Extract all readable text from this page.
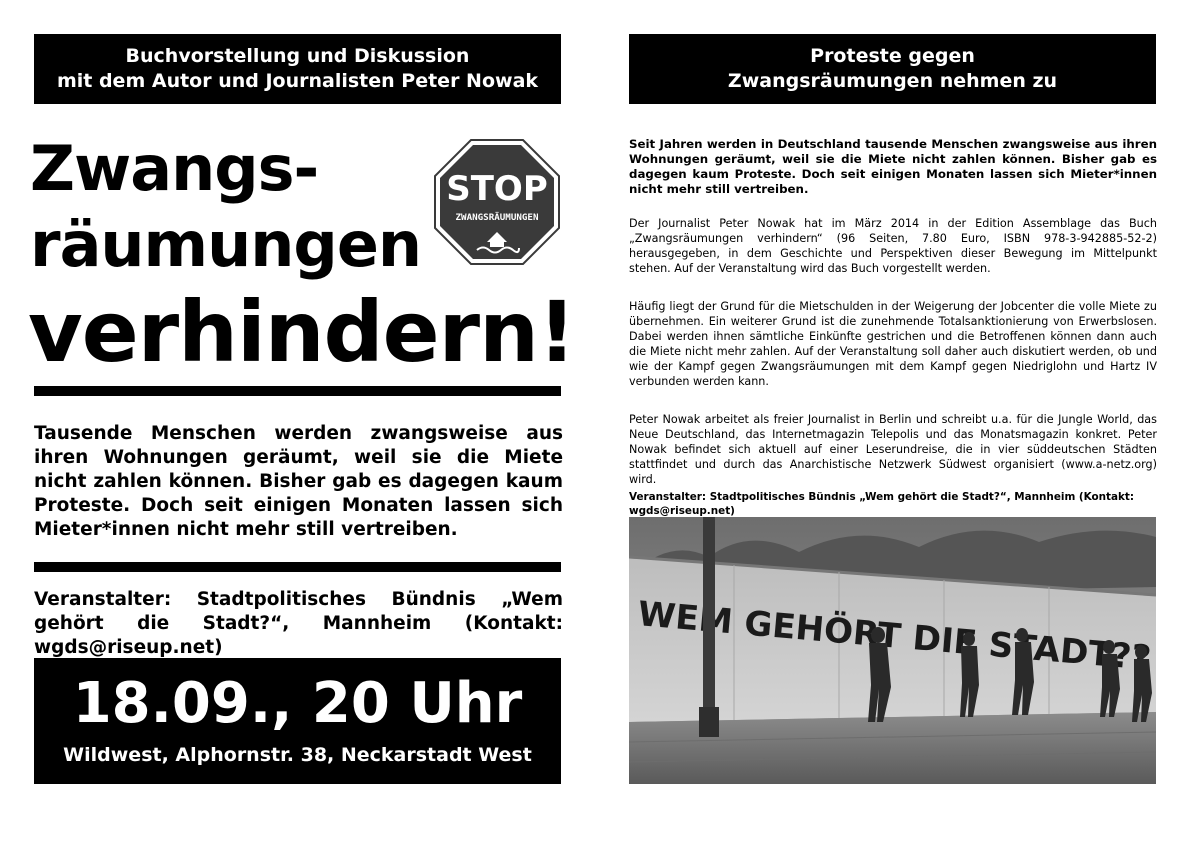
Buchvorstellung und Diskussion
mit dem Autor und Journalisten Peter Nowak
Zwangs-
räumungen
verhindern!
STOP
ZWANGSRÄUMUNGEN
Tausende Menschen werden zwangsweise aus ihren Wohnungen geräumt, weil sie die Miete nicht zahlen können. Bisher gab es dagegen kaum Proteste. Doch seit einigen Monaten lassen sich Mieter*innen nicht mehr still vertreiben.
Veranstalter: Stadtpolitisches Bündnis „Wem gehört die Stadt?“, Mannheim (Kontakt: wgds@riseup.net)
18.09., 20 Uhr
Wildwest, Alphornstr. 38, Neckarstadt West
Proteste gegen
Zwangsräumungen nehmen zu
Seit Jahren werden in Deutschland tausende Menschen zwangsweise aus ihren Wohnungen geräumt, weil sie die Miete nicht zahlen können. Bisher gab es dagegen kaum Proteste. Doch seit einigen Monaten lassen sich Mieter*innen nicht mehr still vertreiben.
Der Journalist Peter Nowak hat im März 2014 in der Edition Assemblage das Buch „Zwangsräumungen verhindern“ (96 Seiten, 7.80 Euro, ISBN 978-3-942885-52-2) herausgegeben, in dem Geschichte und Perspektiven dieser Bewegung im Mittelpunkt stehen. Auf der Veranstaltung wird das Buch vorgestellt werden.
Häufig liegt der Grund für die Mietschulden in der Weigerung der Jobcenter die volle Miete zu übernehmen. Ein weiterer Grund ist die zunehmende Totalsanktionierung von Erwerbslosen. Dabei werden ihnen sämtliche Einkünfte gestrichen und die Betroffenen können dann auch die Miete nicht mehr zahlen. Auf der Veranstaltung soll daher auch diskutiert werden, ob und wie der Kampf gegen Zwangsräumungen mit dem Kampf gegen Niedriglohn und Hartz IV verbunden werden kann.
Peter Nowak arbeitet als freier Journalist in Berlin und schreibt u.a. für die Jungle World, das Neue Deutschland, das Internetmagazin Telepolis und das Monatsmagazin konkret. Peter Nowak befindet sich aktuell auf einer Leserundreise, die in vier süddeutschen Städten stattfindet und durch das Anarchistische Netzwerk Südwest organisiert (www.a-netz.org) wird.
Veranstalter: Stadtpolitisches Bündnis „Wem gehört die Stadt?“, Mannheim (Kontakt: wgds@riseup.net)
WEM GEHÖRT DIE STADT??
